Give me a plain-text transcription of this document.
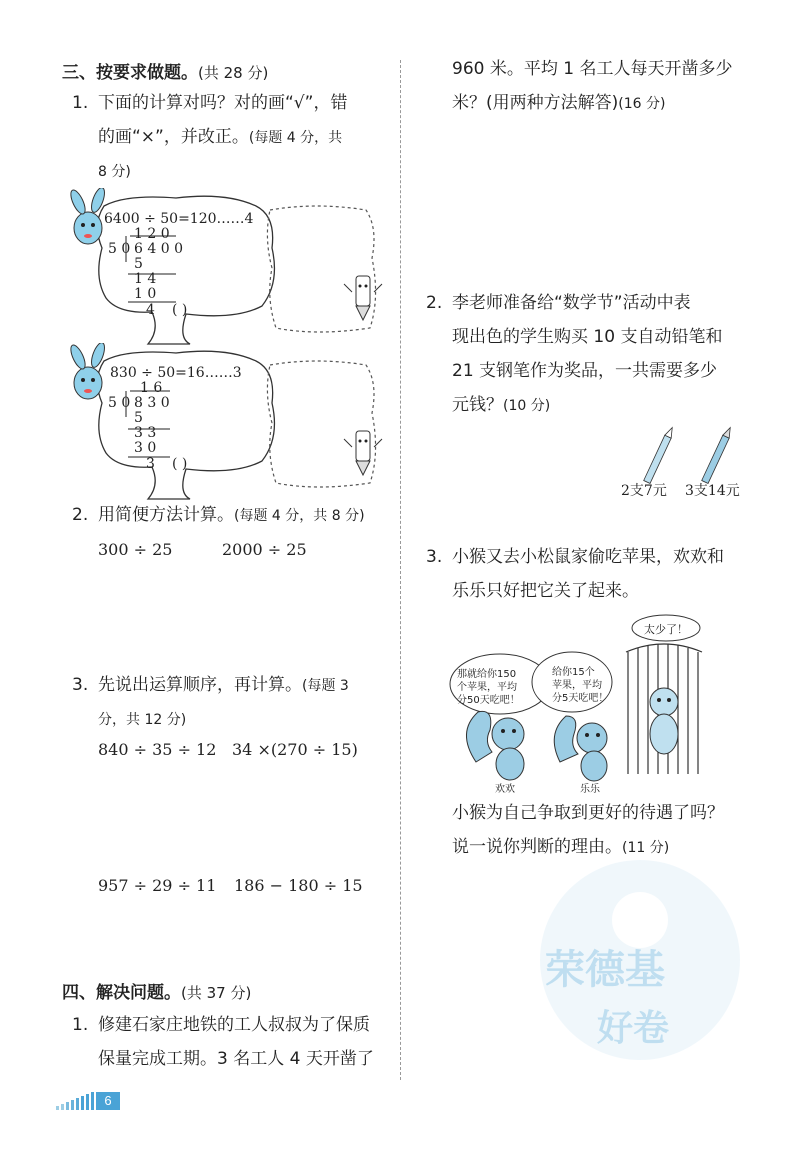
三、按要求做题。(共 28 分)
1. 下面的计算对吗？对的画“√”，错
的画“×”，并改正。(每题 4 分，共
8 分)
6400 ÷ 50=120……4
1 2 0
5 0 6 4 0 0
5
1 4
1 0
4 ( )
830 ÷ 50=16……3
1 6
5 0 8 3 0
5
3 3
3 0
3 ( )
2. 用简便方法计算。(每题 4 分，共 8 分)
300 ÷ 25	2000 ÷ 25
3. 先说出运算顺序，再计算。(每题 3
分，共 12 分)
840 ÷ 35 ÷ 12 34 ×(270 ÷ 15)
957 ÷ 29 ÷ 11 186 − 180 ÷ 15
四、解决问题。(共 37 分)
1. 修建石家庄地铁的工人叔叔为了保质
保量完成工期。3 名工人 4 天开凿了
960 米。平均 1 名工人每天开凿多少
米？(用两种方法解答)(16 分)
2. 李老师准备给“数学节”活动中表
现出色的学生购买 10 支自动铅笔和
21 支钢笔作为奖品，一共需要多少
元钱？(10 分)
2支7元 3支14元
3. 小猴又去小松鼠家偷吃苹果，欢欢和
乐乐只好把它关了起来。
那就给你150
个苹果，平均
分50天吃吧！
给你15个
苹果，平均
分5天吃吧！
太少了！
欢欢	乐乐
小猴为自己争取到更好的待遇了吗？
说一说你判断的理由。(11 分)
荣德基
好卷
6
